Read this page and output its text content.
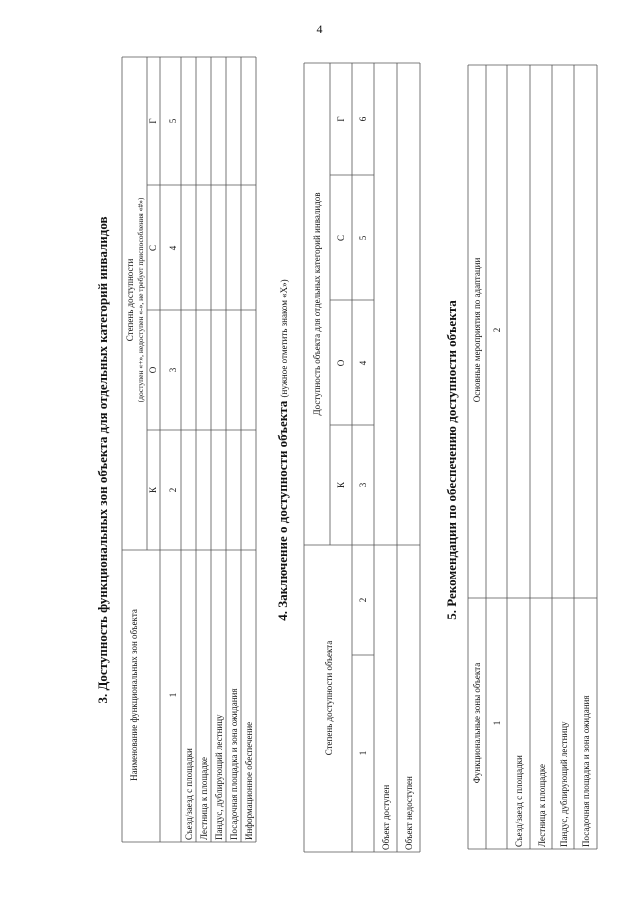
4
3. Доступность функциональных зон объекта для отдельных категорий инвалидов	4. Заключение о доступности объекта (нужное отметить знаком «X»)	5. Рекомендации по обеспечению доступности объекта
Наименование функциональных зон объекта
Степень доступности (доступен «+», недоступен «-», не требует приспособления «#»)
К
О
С
Г
1
2
3
4
5
Съезд/заезд с площадки Лестница к площадке Пандус, дублирующий лестницу Посадочная площадка и зона ожидания Информационное обеспечение
Степень доступности объекта
Доступность объекта для отдельных категорий инвалидов
К
О
С
Г
1
2
3
4
5
6
Объект доступен Объект недоступен
Функциональные зоны объекта
Основные мероприятия по адаптации
1
2
Съезд/заезд с площадки Лестница к площадке Пандус, дублирующий лестницу Посадочная площадка и зона ожидания
